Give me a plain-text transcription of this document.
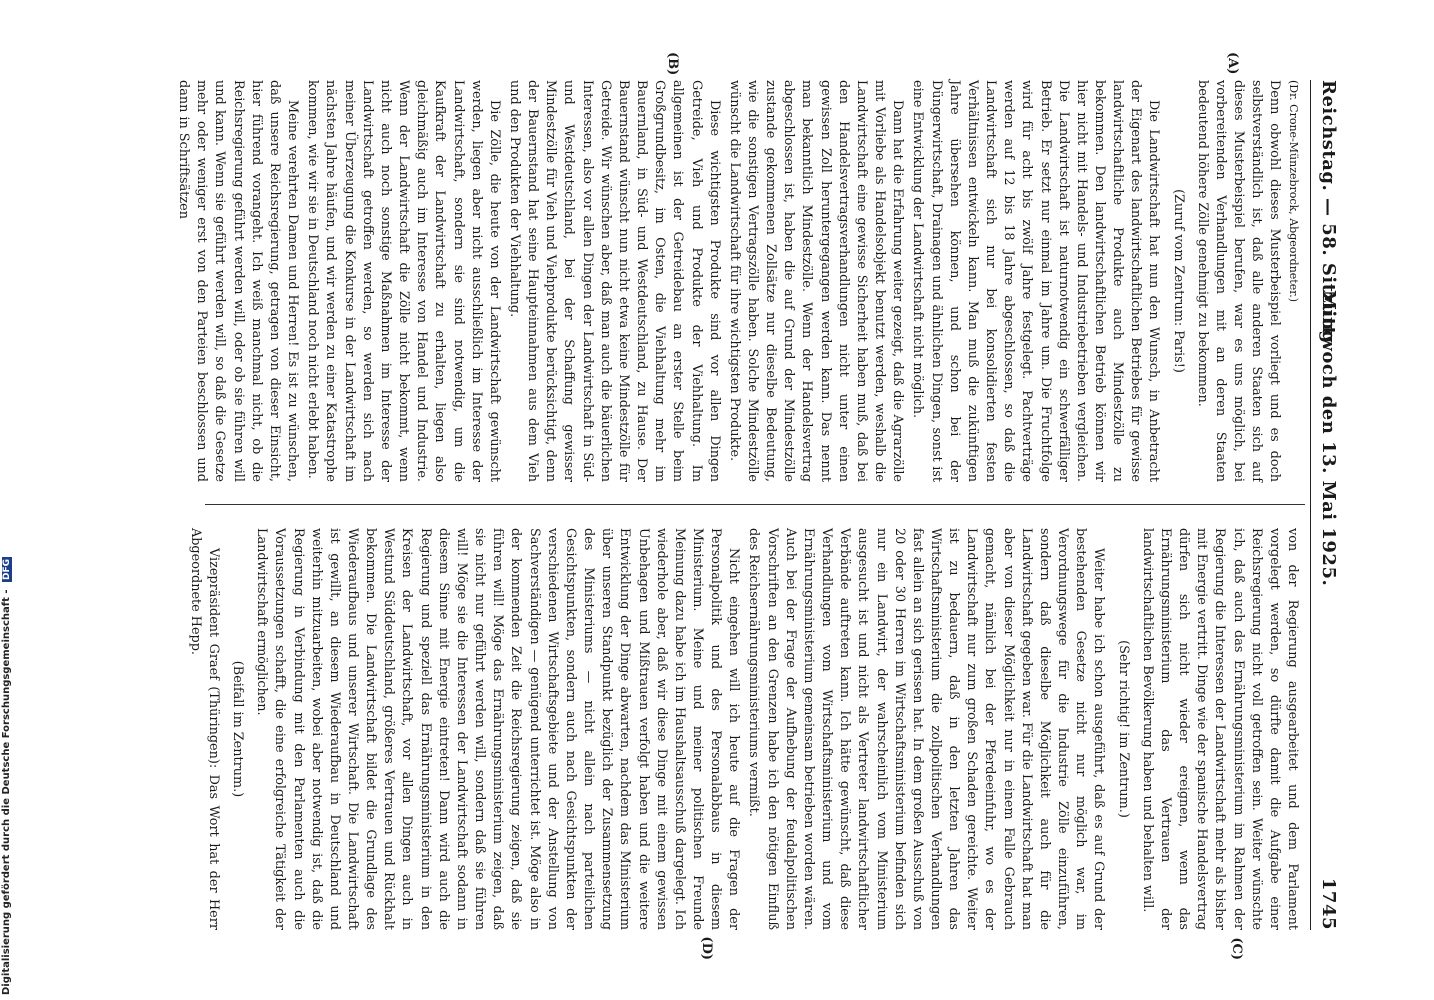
Reichstag. — 58. Sitzung.
Mittwoch den 13. Mai 1925.
1745
(A)
(B)

(Dr. Crone-Münzebrock, Abgeordneter.)

Denn obwohl dieses Musterbeispiel vorliegt und es doch selbstverständlich ist, daß alle anderen Staaten sich auf dieses Musterbeispiel berufen, war es uns möglich, bei vorbereitenden Verhandlungen mit an deren Staaten bedeutend höhere Zölle genehmigt zu bekommen.

(Zuruf vom Zentrum: Paris!)

Die Landwirtschaft hat nun den Wunsch, in Anbetracht der Eigenart des landwirtschaftlichen Betriebes für gewisse landwirtschaftliche Produkte auch Mindestzölle zu bekommen. Den landwirtschaftlichen Betrieb können wir hier nicht mit Handels- und Industriebetrieben vergleichen. Die Landwirtschaft ist naturnotwendig ein schwerfälliger Betrieb. Er setzt nur einmal im Jahre um. Die Fruchtfolge wird für acht bis zwölf Jahre festgelegt. Pachtverträge werden auf 12 bis 18 Jahre abgeschlossen, so daß die Landwirtschaft sich nur bei konsolidierten festen Verhältnissen entwickeln kann. Man muß die zukünftigen Jahre übersehen können, und schon bei der Düngerwirtschaft, Drainagen und ähnlichen Dingen, sonst ist eine Entwicklung der Landwirtschaft nicht möglich.

Dann hat die Erfahrung weiter gezeigt, daß die Agrarzölle mit Vorliebe als Handelsobjekt benutzt werden, weshalb die Landwirtschaft eine gewisse Sicherheit haben muß, daß bei den Handelsvertragsverhandlungen nicht unter einen gewissen Zoll heruntergegangen werden kann. Das nennt man bekanntlich Mindestzölle. Wenn der Handelsvertrag abgeschlossen ist, haben die auf Grund der Mindestzölle zustande gekommenen Zollsätze nur dieselbe Bedeutung, wie die sonstigen Vertragszölle haben. Solche Mindestzölle wünscht die Landwirtschaft für ihre wichtigsten Produkte.

Diese wichtigsten Produkte sind vor allen Dingen Getreide, Vieh und Produkte der Viehhaltung. Im allgemeinen ist der Getreidebau an erster Stelle beim Großgrundbesitz, im Osten, die Viehhaltung mehr im Bauernland, in Süd- und Westdeutschland, zu Hause. Der Bauernstand wünscht nun nicht etwa keine Mindestzölle für Getreide. Wir wünschen aber, daß man auch die bäuerlichen Interessen, also vor allen Dingen der Landwirtschaft in Süd- und Westdeutschland, bei der Schaffung gewisser Mindestzölle für Vieh und Viehprodukte berücksichtigt, denn der Bauernstand hat seine Haupteinnahmen aus dem Vieh und den Produkten der Viehhaltung.

Die Zölle, die heute von der Landwirtschaft gewünscht werden, liegen aber nicht ausschließlich im Interesse der Landwirtschaft, sondern sie sind notwendig, um die Kaufkraft der Landwirtschaft zu erhalten, liegen also gleichmäßig auch im Interesse von Handel und Industrie. Wenn der Landwirtschaft die Zölle nicht bekommt, wenn nicht auch noch sonstige Maßnahmen im Interesse der Landwirtschaft getroffen werden, so werden sich nach meiner Überzeugung die Konkurse in der Landwirtschaft im nächsten Jahre häufen, und wir werden zu einer Katastrophe kommen, wie wir sie in Deutschland noch nicht erlebt haben.

Meine verehrten Damen und Herren! Es ist zu wünschen, daß unsere Reichsregierung, getragen von dieser Einsicht, hier führend vorangeht. Ich weiß manchmal nicht, ob die Reichsregierung geführt werden will, oder ob sie führen will und kann. Wenn sie geführt werden will, so daß die Gesetze mehr oder weniger erst von den Parteien beschlossen und dann in Schriftsätzen

(C)
(D)

von der Regierung ausgearbeitet und dem Parlament vorgelegt werden, so dürfte damit die Aufgabe einer Reichsregierung nicht voll getroffen sein. Weiter wünschte ich, daß auch das Ernährungsministerium im Rahmen der Regierung die Interessen der Landwirtschaft mehr als bisher mit Energie vertritt. Dinge wie der spanische Handelsvertrag dürfen sich nicht wieder ereignen, wenn das Ernährungsministerium das Vertrauen der landwirtschaftlichen Bevölkerung haben und behalten will.

(Sehr richtig! im Zentrum.)

Weiter habe ich schon ausgeführt, daß es auf Grund der bestehenden Gesetze nicht nur möglich war, im Verordnungswege für die Industrie Zölle einzuführen, sondern daß dieselbe Möglichkeit auch für die Landwirtschaft gegeben war. Für die Landwirtschaft hat man aber von dieser Möglichkeit nur in einem Falle Gebrauch gemacht, nämlich bei der Pferdeeinfuhr, wo es der Landwirtschaft nur zum großen Schaden gereichte. Weiter ist zu bedauern, daß in den letzten Jahren das Wirtschaftsministerium die zollpolitischen Verhandlungen fast allein an sich gerissen hat. In dem großen Ausschuß von 20 oder 30 Herren im Wirtschaftsministerium befinden sich nur ein Landwirt, der wahrscheinlich vom Ministerium ausgesucht ist und nicht als Vertreter landwirtschaftlicher Verbände auftreten kann. Ich hätte gewünscht, daß diese Verhandlungen vom Wirtschaftsministerium und vom Ernährungsministerium gemeinsam betrieben worden wären. Auch bei der Frage der Aufhebung der feudalpolitischen Vorschriften an den Grenzen habe ich den nötigen Einfluß des Reichsernährungsministeriums vermißt.

Nicht eingehen will ich heute auf die Fragen der Personalpolitik und des Personalabbaus in diesem Ministerium. Meine und meiner politischen Freunde Meinung dazu habe ich im Haushaltsausschuß dargelegt. Ich wiederhole aber, daß wir diese Dinge mit einem gewissen Unbehagen und Mißtrauen verfolgt haben und die weitere Entwicklung der Dinge abwarten, nachdem das Ministerium über unseren Standpunkt bezüglich der Zusammensetzung des Ministeriums — nicht allein nach parteilichen Gesichtspunkten, sondern auch nach Gesichtspunkten der verschiedenen Wirtschaftsgebiete und der Anstellung von Sachverständigen — genügend unterrichtet ist. Möge also in der kommenden Zeit die Reichsregierung zeigen, daß sie führen will! Möge das Ernährungsministerium zeigen, daß sie nicht nur geführt werden will, sondern daß sie führen will! Möge sie die Interessen der Landwirtschaft sodann in diesem Sinne mit Energie eintreten! Dann wird auch die Regierung und speziell das Ernährungsministerium in den Kreisen der Landwirtschaft, vor allen Dingen auch in Westund Süddeutschland, größeres Vertrauen und Rückhalt bekommen. Die Landwirtschaft bildet die Grundlage des Wiederaufbaus und unserer Wirtschaft. Die Landwirtschaft ist gewillt, an diesem Wiederaufbau in Deutschland und weiterhin mitzuarbeiten, wobei aber notwendig ist, daß die Regierung in Verbindung mit den Parlamenten auch die Voraussetzungen schafft, die eine erfolgreiche Tätigkeit der Landwirtschaft ermöglichen.

(Beifall im Zentrum.)

Vizepräsident Graef (Thüringen): Das Wort hat der Herr Abgeordnete Hepp.

Digitalisierung gefördert durch die Deutsche Forschungsgemeinschaft - DFG
